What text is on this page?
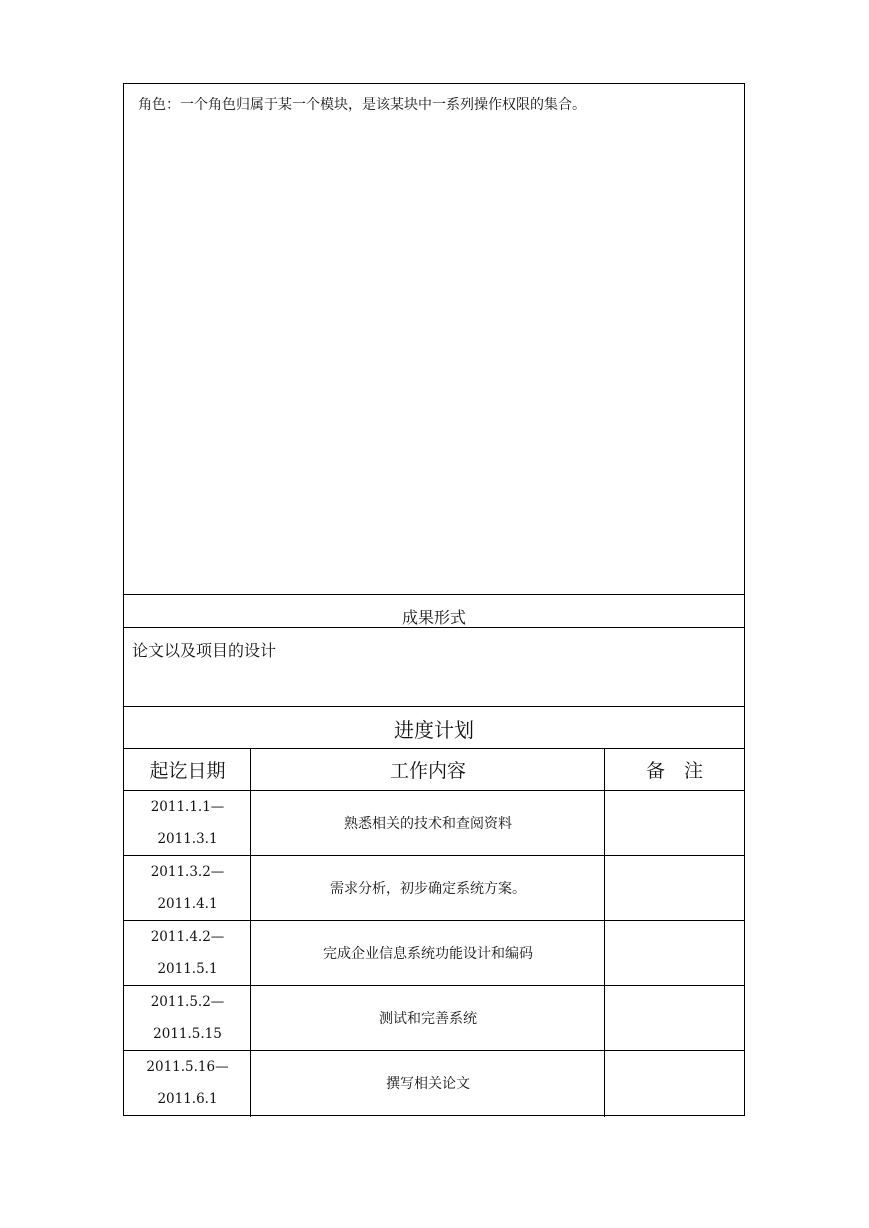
角色：一个角色归属于某一个模块，是该某块中一系列操作权限的集合。
成果形式
论文以及项目的设计
进度计划
起讫日期	工作内容	备　注
2011.1.1—
2011.3.1
熟悉相关的技术和查阅资料
2011.3.2—
2011.4.1
需求分析，初步确定系统方案。
2011.4.2—
2011.5.1
完成企业信息系统功能设计和编码
2011.5.2—
2011.5.15
测试和完善系统
2011.5.16—
2011.6.1
撰写相关论文
